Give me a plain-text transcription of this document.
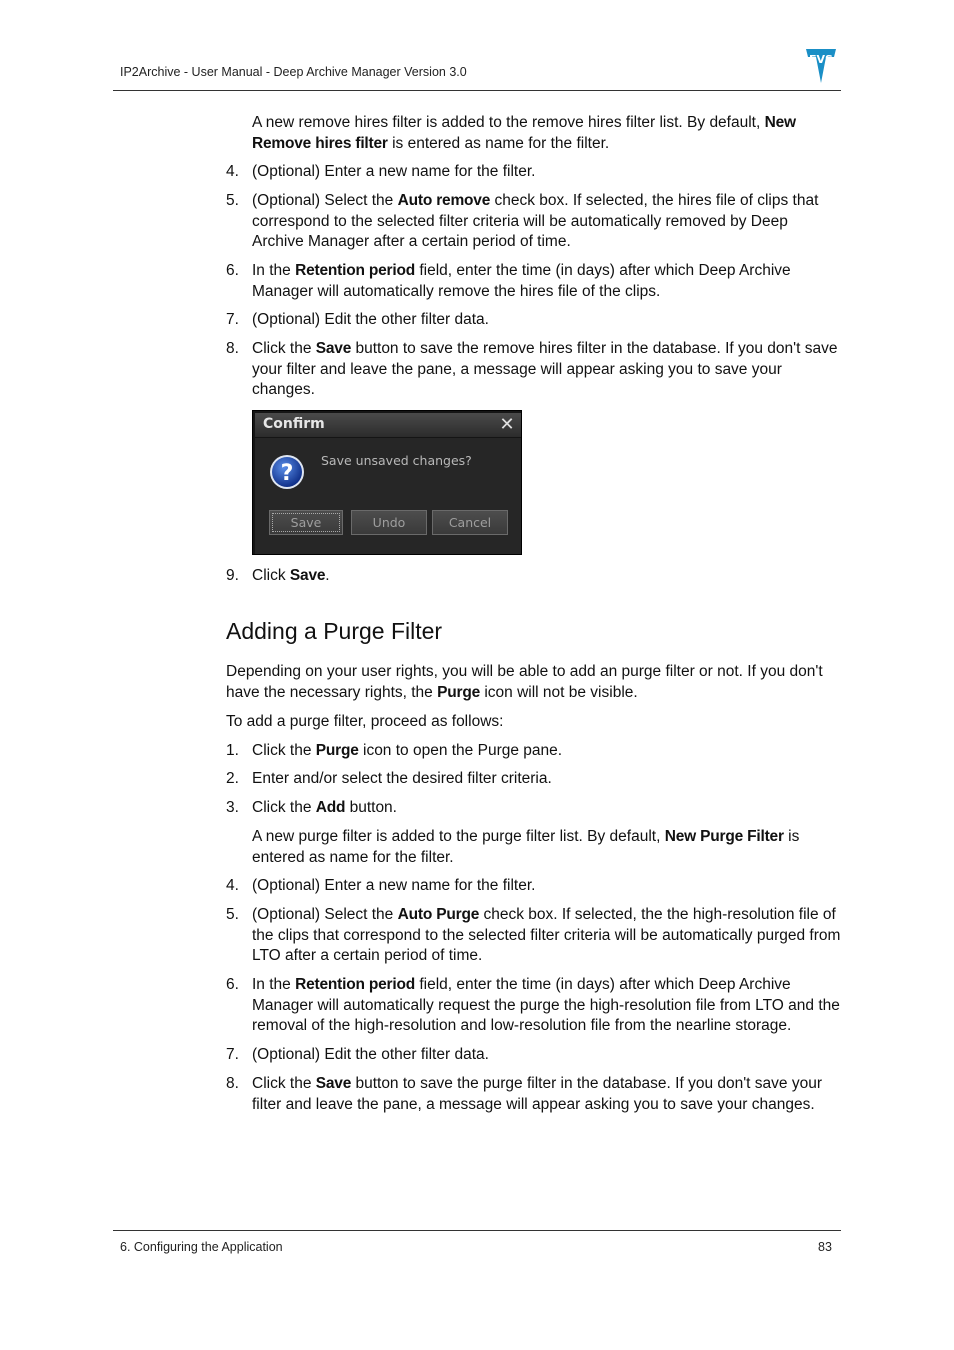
IP2Archive - User Manual - Deep Archive Manager Version 3.0
EVS

A new remove hires filter is added to the remove hires filter list. By default, New
Remove hires filter is entered as name for the filter.

4. (Optional) Enter a new name for the filter.

5. (Optional) Select the Auto remove check box. If selected, the hires file of clips that
correspond to the selected filter criteria will be automatically removed by Deep
Archive Manager after a certain period of time.

6. In the Retention period field, enter the time (in days) after which Deep Archive
Manager will automatically remove the hires file of the clips.

7. (Optional) Edit the other filter data.

8. Click the Save button to save the remove hires filter in the database. If you don't save
your filter and leave the pane, a message will appear asking you to save your
changes.

Confirm	✕
?
Save unsaved changes?
Save	Undo	Cancel
9. Click Save.

Adding a Purge Filter

Depending on your user rights, you will be able to add an purge filter or not. If you don't
have the necessary rights, the Purge icon will not be visible.

To add a purge filter, proceed as follows:

1. Click the Purge icon to open the Purge pane.

2. Enter and/or select the desired filter criteria.

3. Click the Add button.

A new purge filter is added to the purge filter list. By default, New Purge Filter is
entered as name for the filter.

4. (Optional) Enter a new name for the filter.

5. (Optional) Select the Auto Purge check box. If selected, the the high-resolution file of
the clips that correspond to the selected filter criteria will be automatically purged from
LTO after a certain period of time.

6. In the Retention period field, enter the time (in days) after which Deep Archive
Manager will automatically request the purge the high-resolution file from LTO and the
removal of the high-resolution and low-resolution file from the nearline storage.

7. (Optional) Edit the other filter data.

8. Click the Save button to save the purge filter in the database. If you don't save your
filter and leave the pane, a message will appear asking you to save your changes.

6. Configuring the Application	83
